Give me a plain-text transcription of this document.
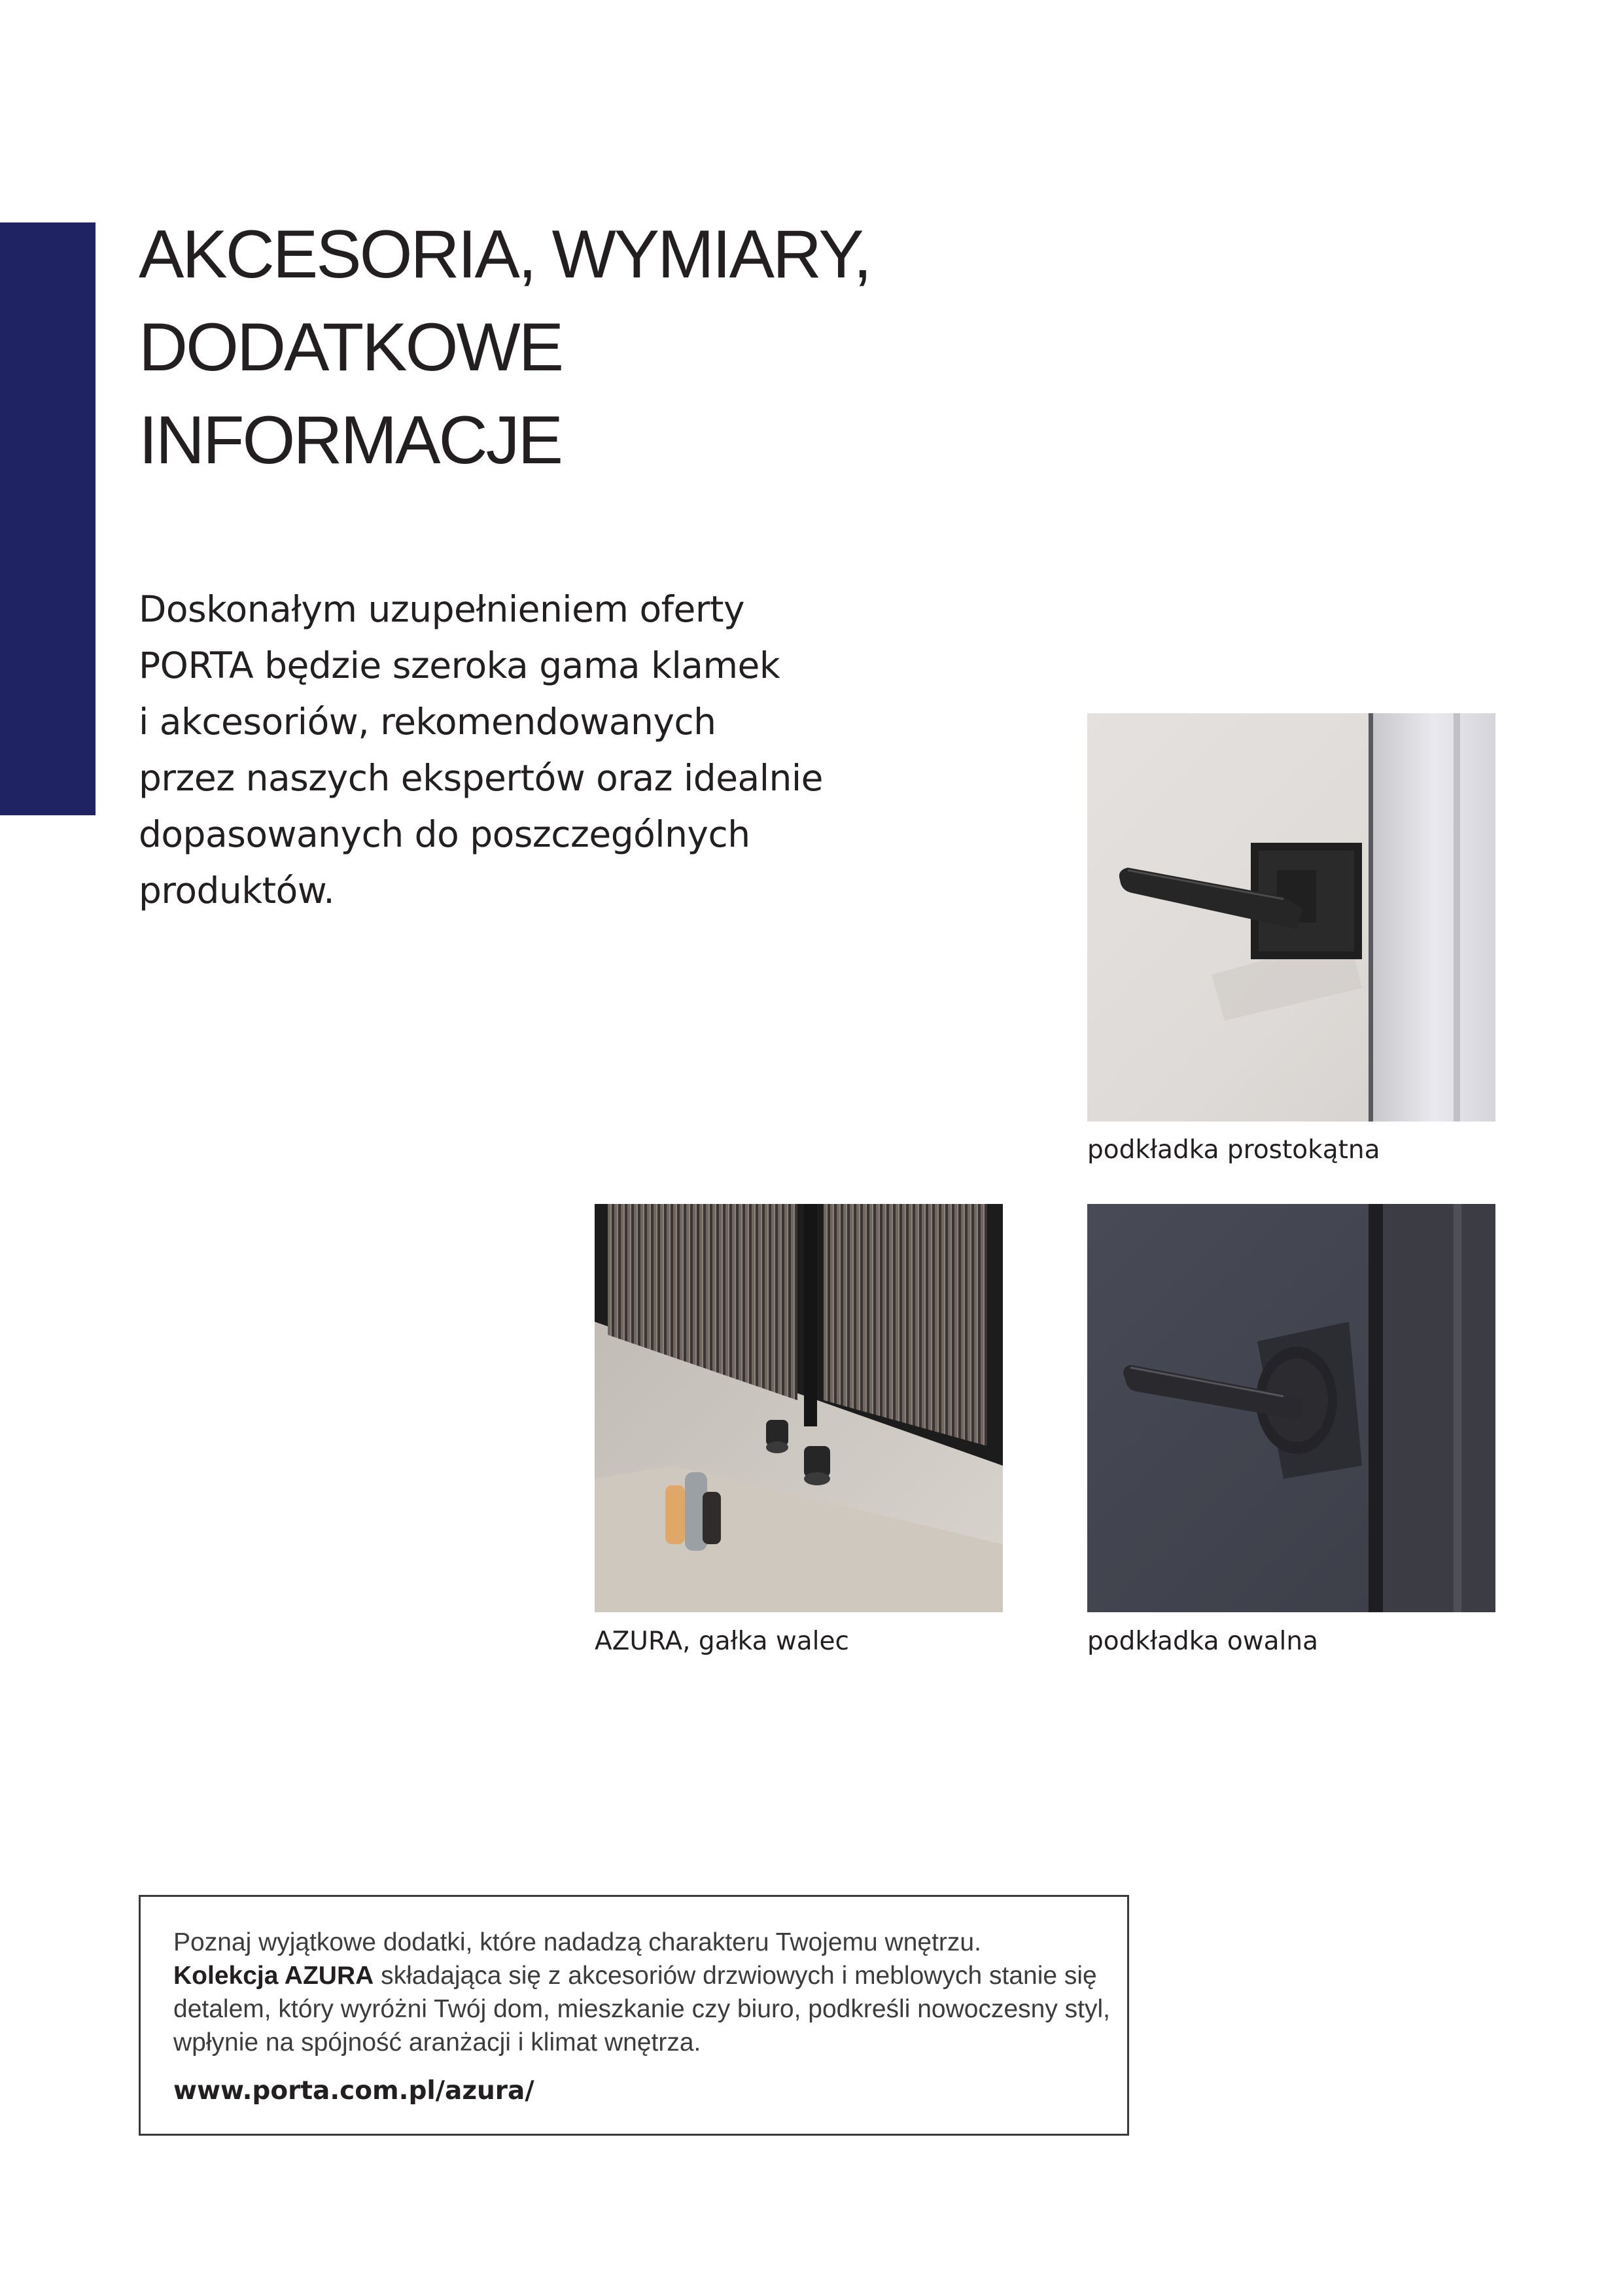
AKCESORIA, WYMIARY,
DODATKOWE
INFORMACJE

Doskonałym uzupełnieniem oferty
PORTA będzie szeroka gama klamek
i akcesoriów, rekomendowanych
przez naszych ekspertów oraz idealnie
dopasowanych do poszczególnych
produktów.

podkładka prostokątna
AZURA, gałka walec	podkładka owalna

Poznaj wyjątkowe dodatki, które nadadzą charakteru Twojemu wnętrzu.
Kolekcja AZURA składająca się z akcesoriów drzwiowych i meblowych stanie się
detalem, który wyróżni Twój dom, mieszkanie czy biuro, podkreśli nowoczesny styl,
wpłynie na spójność aranżacji i klimat wnętrza.

www.porta.com.pl/azura/
